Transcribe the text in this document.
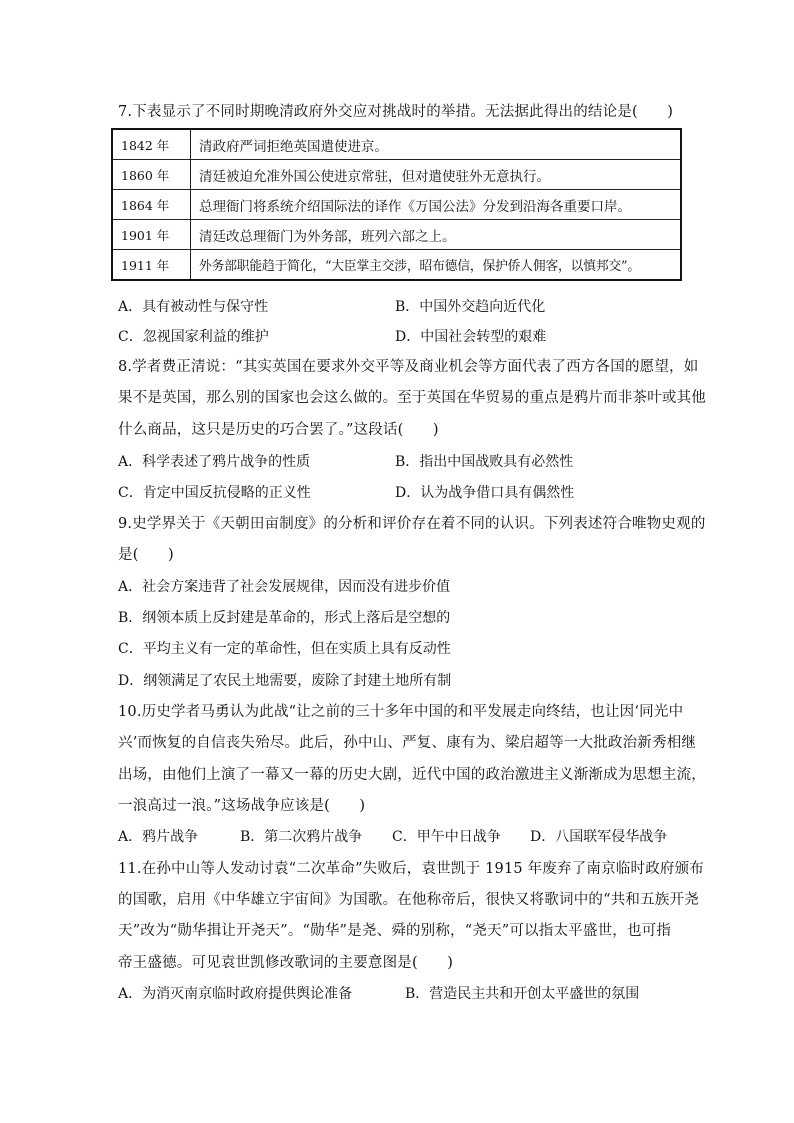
7.下表显示了不同时期晚清政府外交应对挑战时的举措。无法据此得出的结论是(　　)
1842 年	清政府严词拒绝英国遣使进京。
1860 年	清廷被迫允准外国公使进京常驻，但对遣使驻外无意执行。
1864 年	总理衙门将系统介绍国际法的译作《万国公法》分发到沿海各重要口岸。
1901 年	清廷改总理衙门为外务部，班列六部之上。
1911 年	外务部职能趋于简化，“大臣掌主交涉，昭布德信，保护侨人佣客，以慎邦交”。
A．具有被动性与保守性	B．中国外交趋向近代化
C．忽视国家利益的维护	D．中国社会转型的艰难
8.学者费正清说：“其实英国在要求外交平等及商业机会等方面代表了西方各国的愿望，如
果不是英国，那么别的国家也会这么做的。至于英国在华贸易的重点是鸦片而非茶叶或其他
什么商品，这只是历史的巧合罢了。”这段话(　　)
A．科学表述了鸦片战争的性质	B．指出中国战败具有必然性
C．肯定中国反抗侵略的正义性	D．认为战争借口具有偶然性
9.史学界关于《天朝田亩制度》的分析和评价存在着不同的认识。下列表述符合唯物史观的
是(　　)
A．社会方案违背了社会发展规律，因而没有进步价值
B．纲领本质上反封建是革命的，形式上落后是空想的
C．平均主义有一定的革命性，但在实质上具有反动性
D．纲领满足了农民土地需要，废除了封建土地所有制
10.历史学者马勇认为此战“让之前的三十多年中国的和平发展走向终结，也让因‘同光中
兴’而恢复的自信丧失殆尽。此后，孙中山、严复、康有为、梁启超等一大批政治新秀相继
出场，由他们上演了一幕又一幕的历史大剧，近代中国的政治激进主义渐渐成为思想主流，
一浪高过一浪。”这场战争应该是(　　)
A．鸦片战争	B．第二次鸦片战争 C．甲午中日战争 D．八国联军侵华战争
11.在孙中山等人发动讨袁“二次革命”失败后，袁世凯于 1915 年废弃了南京临时政府颁布
的国歌，启用《中华雄立宇宙间》为国歌。在他称帝后，很快又将歌词中的“共和五族开尧
天”改为“勋华揖让开尧天”。“勋华”是尧、舜的别称，“尧天”可以指太平盛世，也可指
帝王盛德。可见袁世凯修改歌词的主要意图是(　　)
A．为消灭南京临时政府提供舆论准备	B．营造民主共和开创太平盛世的氛围
